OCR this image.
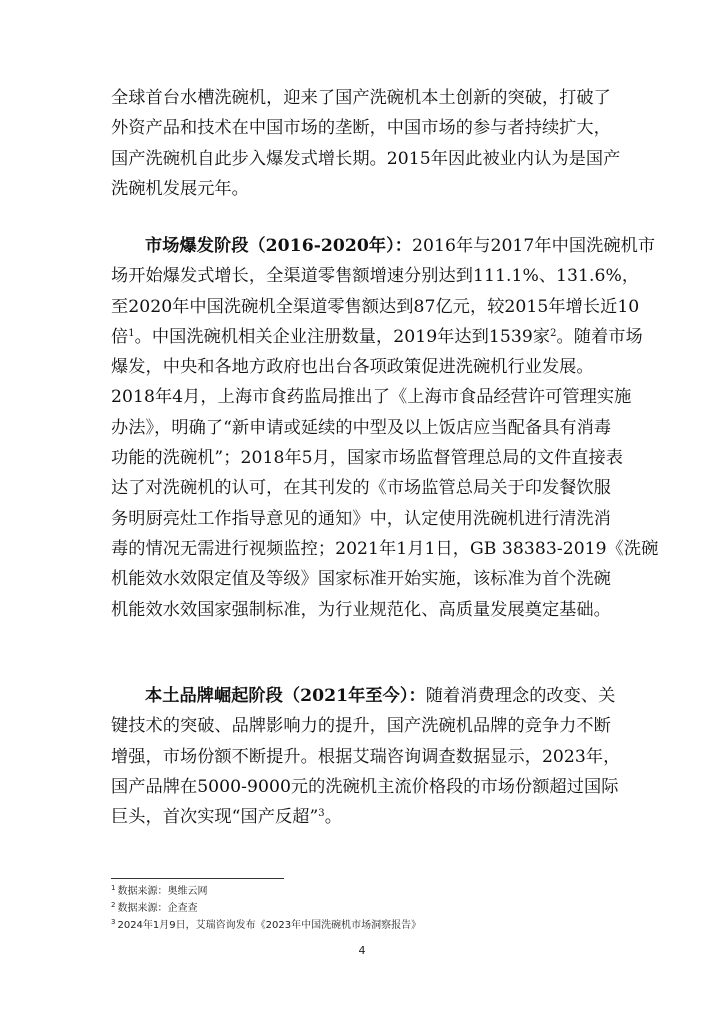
全球首台水槽洗碗机，迎来了国产洗碗机本土创新的突破，打破了
外资产品和技术在中国市场的垄断，中国市场的参与者持续扩大，
国产洗碗机自此步入爆发式增长期。2015年因此被业内认为是国产
洗碗机发展元年。
市场爆发阶段（2016-2020年）：2016年与2017年中国洗碗机市
场开始爆发式增长，全渠道零售额增速分别达到111.1%、131.6%，
至2020年中国洗碗机全渠道零售额达到87亿元，较2015年增长近10
倍$^1$。中国洗碗机相关企业注册数量，2019年达到1539家$^2$。随着市场
爆发，中央和各地方政府也出台各项政策促进洗碗机行业发展。
2018年4月，上海市食药监局推出了《上海市食品经营许可管理实施
办法》，明确了“新申请或延续的中型及以上饭店应当配备具有消毒
功能的洗碗机”；2018年5月，国家市场监督管理总局的文件直接表
达了对洗碗机的认可，在其刊发的《市场监管总局关于印发餐饮服
务明厨亮灶工作指导意见的通知》中，认定使用洗碗机进行清洗消
毒的情况无需进行视频监控；2021年1月1日，GB 38383-2019《洗碗
机能效水效限定值及等级》国家标准开始实施，该标准为首个洗碗
机能效水效国家强制标准，为行业规范化、高质量发展奠定基础。
本土品牌崛起阶段（2021年至今）：随着消费理念的改变、关
键技术的突破、品牌影响力的提升，国产洗碗机品牌的竞争力不断
增强，市场份额不断提升。根据艾瑞咨询调查数据显示，2023年，
国产品牌在5000-9000元的洗碗机主流价格段的市场份额超过国际
巨头，首次实现“国产反超”$^3$。
$^1$ 数据来源：奥维云网
$^2$ 数据来源：企查查
$^3$ 2024年1月9日，艾瑞咨询发布《2023年中国洗碗机市场洞察报告》
4
